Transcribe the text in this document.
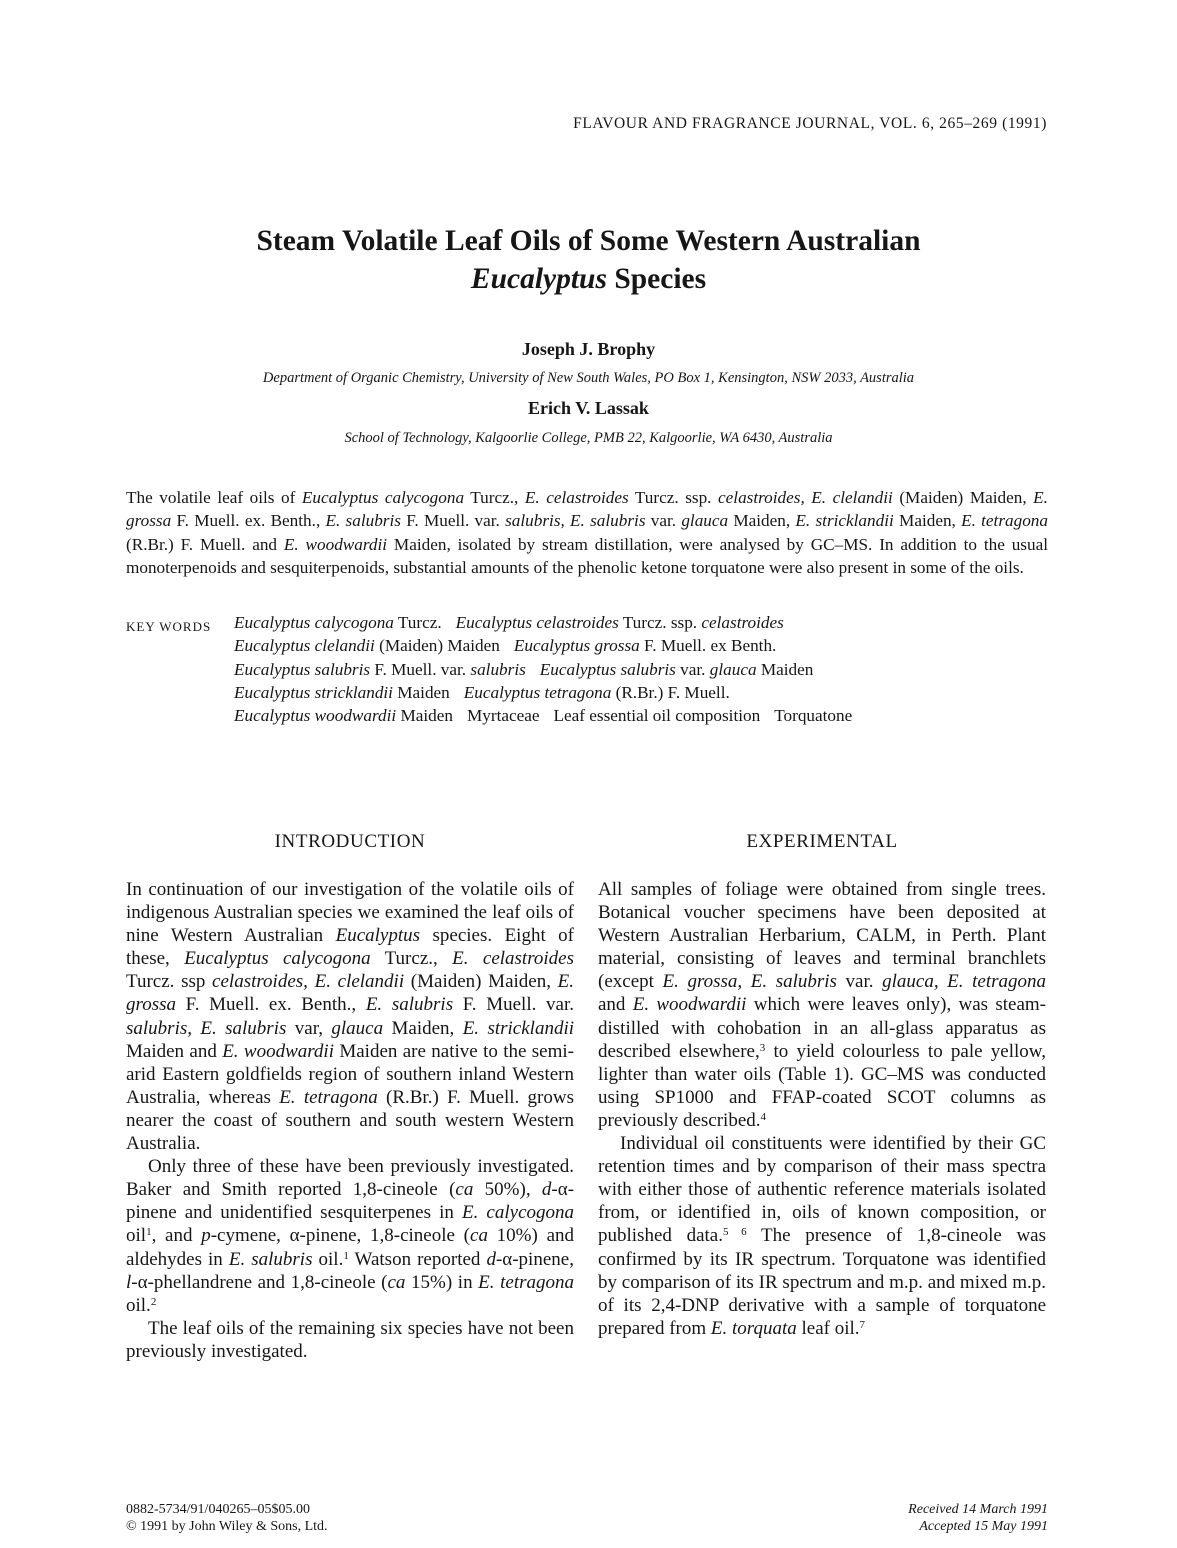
FLAVOUR AND FRAGRANCE JOURNAL, VOL. 6, 265–269 (1991)
Steam Volatile Leaf Oils of Some Western Australian
Eucalyptus Species
Joseph J. Brophy
Department of Organic Chemistry, University of New South Wales, PO Box 1, Kensington, NSW 2033, Australia
Erich V. Lassak
School of Technology, Kalgoorlie College, PMB 22, Kalgoorlie, WA 6430, Australia
The volatile leaf oils of Eucalyptus calycogona Turcz., E. celastroides Turcz. ssp. celastroides, E. clelandii (Maiden) Maiden, E. grossa F. Muell. ex. Benth., E. salubris F. Muell. var. salubris, E. salubris var. glauca Maiden, E. stricklandii Maiden, E. tetragona (R.Br.) F. Muell. and E. woodwardii Maiden, isolated by stream distillation, were analysed by GC–MS. In addition to the usual monoterpenoids and sesquiterpenoids, substantial amounts of the phenolic ketone torquatone were also present in some of the oils.
KEY WORDS Eucalyptus calycogona Turcz. Eucalyptus celastroides Turcz. ssp. celastroides
Eucalyptus clelandii (Maiden) Maiden Eucalyptus grossa F. Muell. ex Benth.
Eucalyptus salubris F. Muell. var. salubris Eucalyptus salubris var. glauca Maiden
Eucalyptus stricklandii Maiden Eucalyptus tetragona (R.Br.) F. Muell.
Eucalyptus woodwardii Maiden Myrtaceae Leaf essential oil composition Torquatone
INTRODUCTION	EXPERIMENTAL

In continuation of our investigation of the volatile oils of indigenous Australian species we examined the leaf oils of nine Western Australian Eucalyptus species. Eight of these, Eucalyptus calycogona Turcz., E. celastroides Turcz. ssp celastroides, E. clelandii (Maiden) Maiden, E. grossa F. Muell. ex. Benth., E. salubris F. Muell. var. salubris, E. salubris var, glauca Maiden, E. stricklandii Maiden and E. woodwardii Maiden are native to the semi-arid Eastern goldfields region of southern inland Western Australia, whereas E. tetragona (R.Br.) F. Muell. grows nearer the coast of southern and south western Western Australia.

Only three of these have been previously investigated. Baker and Smith reported 1,8-cineole (ca 50%), d-α-pinene and unidentified sesquiterpenes in E. calycogona oil$^1$, and p-cymene, α-pinene, 1,8-cineole (ca 10%) and aldehydes in E. salubris oil.$^1$ Watson reported d-α-pinene, l-α-phellandrene and 1,8-cineole (ca 15%) in E. tetragona oil.$^2$

The leaf oils of the remaining six species have not been previously investigated.

All samples of foliage were obtained from single trees. Botanical voucher specimens have been deposited at Western Australian Herbarium, CALM, in Perth. Plant material, consisting of leaves and terminal branchlets (except E. grossa, E. salubris var. glauca, E. tetragona and E. woodwardii which were leaves only), was steam-distilled with cohobation in an all-glass apparatus as described elsewhere,$^3$ to yield colourless to pale yellow, lighter than water oils (Table 1). GC–MS was conducted using SP1000 and FFAP-coated SCOT columns as previously described.$^4$

Individual oil constituents were identified by their GC retention times and by comparison of their mass spectra with either those of authentic reference materials isolated from, or identified in, oils of known composition, or published data.$^{5 6}$ The presence of 1,8-cineole was confirmed by its IR spectrum. Torquatone was identified by comparison of its IR spectrum and m.p. and mixed m.p. of its 2,4-DNP derivative with a sample of torquatone prepared from E. torquata leaf oil.$^7$

0882-5734/91/040265–05$05.00
© 1991 by John Wiley & Sons, Ltd.
Received 14 March 1991
Accepted 15 May 1991
